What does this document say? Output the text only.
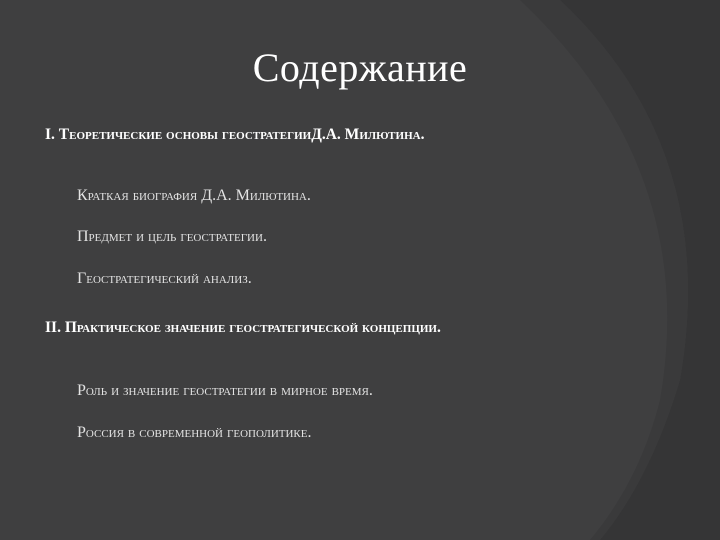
Содержание
I. Теоретические основы геостратегииД.А. Милютина.
Краткая биография Д.А. Милютина.
Предмет и цель геостратегии.
Геостратегический анализ.
II. Практическое значение геостратегической концепции.
Роль и значение геостратегии в мирное время.
Россия в современной геополитике.
